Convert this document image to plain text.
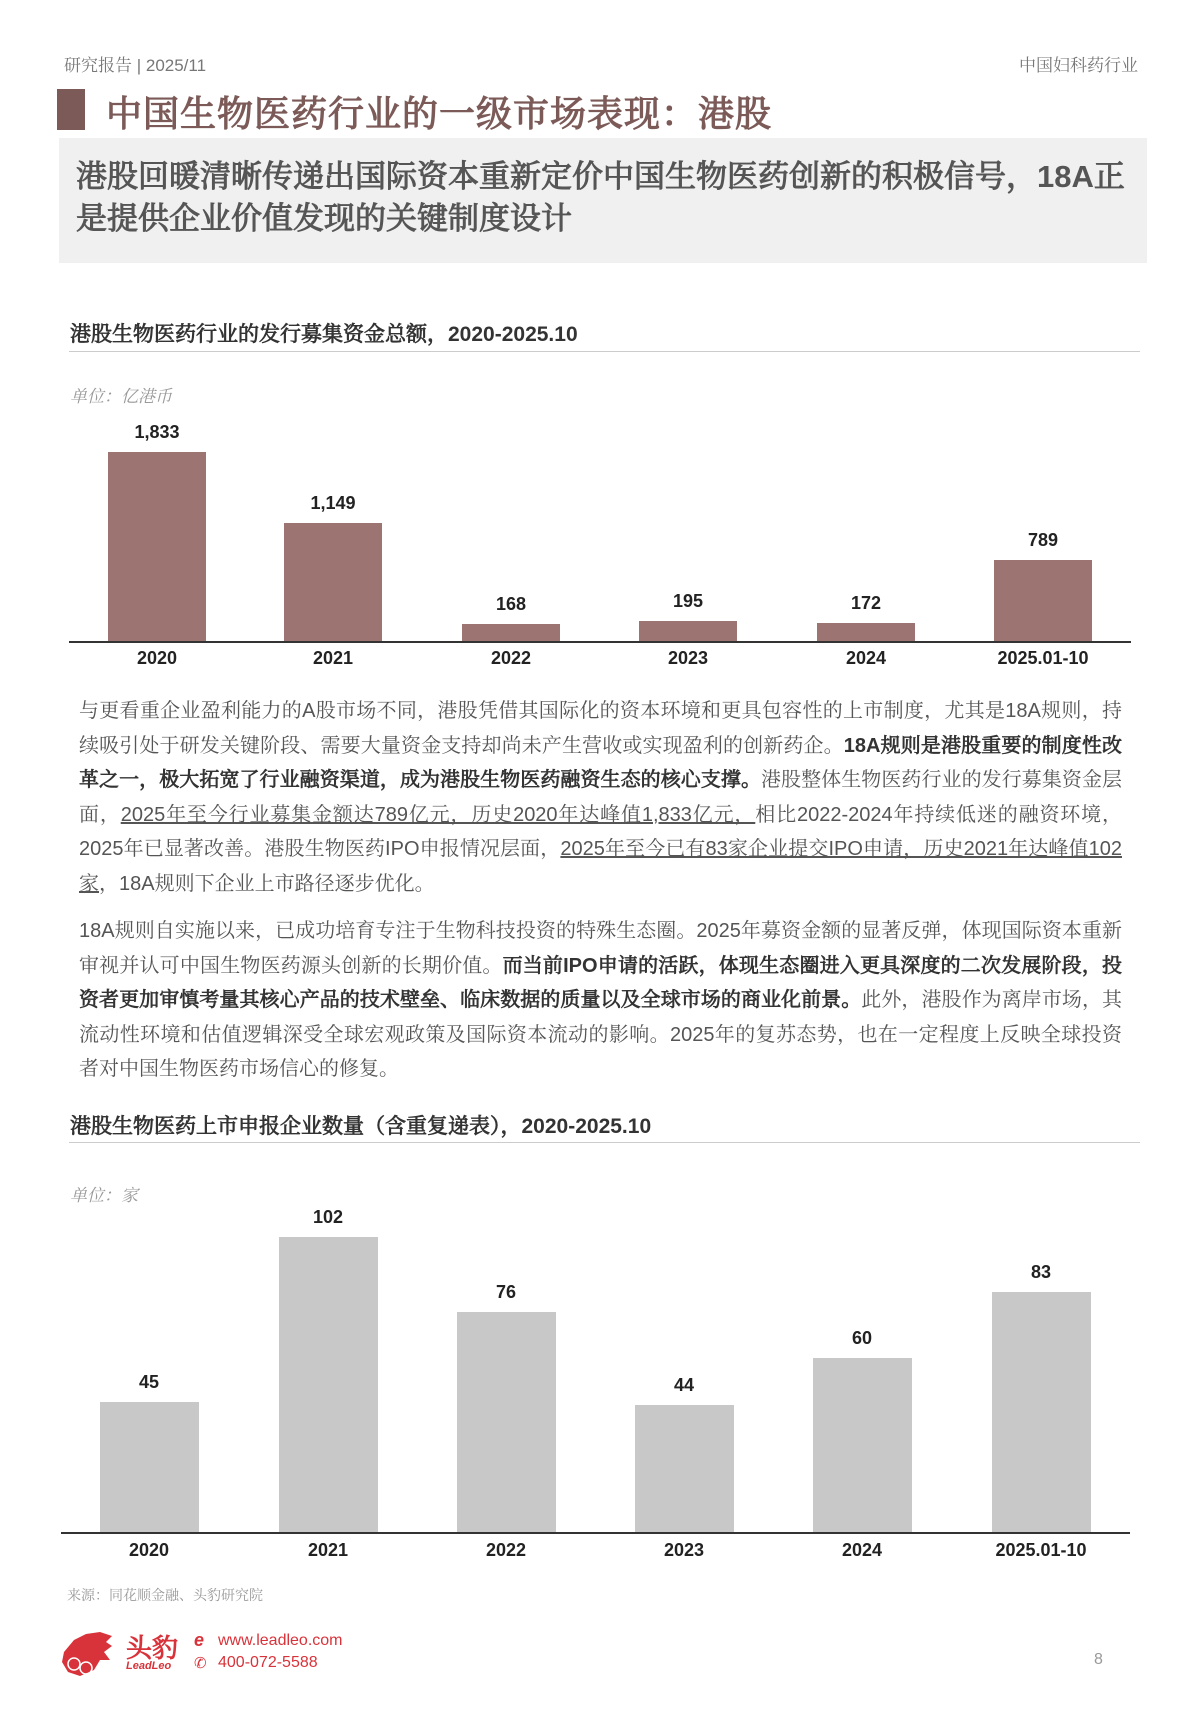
研究报告 | 2025/11	中国妇科药行业
中国生物医药行业的一级市场表现：港股
港股回暖清晰传递出国际资本重新定价中国生物医药创新的积极信号，18A正是提供企业价值发现的关键制度设计
港股生物医药行业的发行募集资金总额，2020-2025.10
单位：亿港币
1,833
2020
1,149
2021
168
2022
195
2023
172
2024
789
2025.01-10
与更看重企业盈利能力的A股市场不同，港股凭借其国际化的资本环境和更具包容性的上市制度，尤其是18A规则，持续吸引处于研发关键阶段、需要大量资金支持却尚未产生营收或实现盈利的创新药企。18A规则是港股重要的制度性改革之一，极大拓宽了行业融资渠道，成为港股生物医药融资生态的核心支撑。港股整体生物医药行业的发行募集资金层面，2025年至今行业募集金额达789亿元，历史2020年达峰值1,833亿元，相比2022-2024年持续低迷的融资环境，2025年已显著改善。港股生物医药IPO申报情况层面，2025年至今已有83家企业提交IPO申请，历史2021年达峰值102家，18A规则下企业上市路径逐步优化。
18A规则自实施以来，已成功培育专注于生物科技投资的特殊生态圈。2025年募资金额的显著反弹，体现国际资本重新审视并认可中国生物医药源头创新的长期价值。而当前IPO申请的活跃，体现生态圈进入更具深度的二次发展阶段，投资者更加审慎考量其核心产品的技术壁垒、临床数据的质量以及全球市场的商业化前景。此外，港股作为离岸市场，其流动性环境和估值逻辑深受全球宏观政策及国际资本流动的影响。2025年的复苏态势，也在一定程度上反映全球投资者对中国生物医药市场信心的修复。
港股生物医药上市申报企业数量（含重复递表），2020-2025.10
单位：家
45
2020
102
2021
76
2022
44
2023
60
2024
83
2025.01-10
来源：同花顺金融、头豹研究院
头豹
LeadLeo
e www.leadleo.com
✆ 400-072-5588	8
